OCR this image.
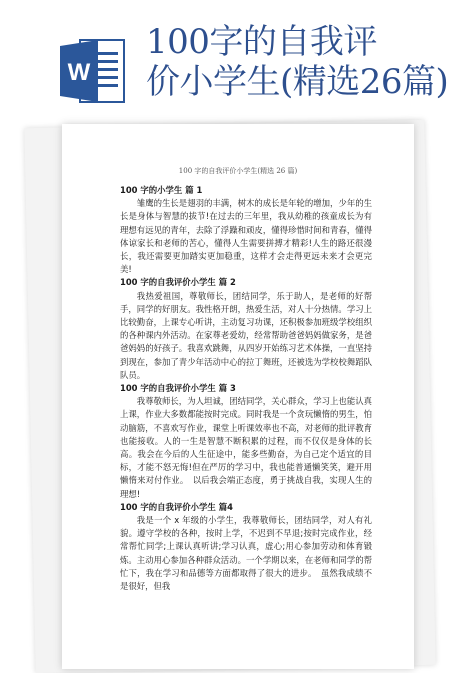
W
100字的自我评
价小学生(精选26篇)
100 字的自我评价小学生(精选 26 篇)

100 字的小学生 篇 1

雏鹰的生长是翅羽的丰满，树木的成长是年轮的增加，少年的生长是身体与智慧的拔节!在过去的三年里，我从幼稚的孩童成长为有理想有远见的青年，去除了浮躁和顽皮，懂得珍惜时间和青春，懂得体谅家长和老师的苦心，懂得人生需要拼搏才精彩!人生的路还很漫长，我还需要更加踏实更加稳重，这样才会走得更远未来才会更完美!

100 字的自我评价小学生 篇 2

我热爱祖国，尊敬师长，团结同学，乐于助人，是老师的好帮手，同学的好朋友。我性格开朗，热爱生活，对人十分热情。学习上比较勤奋，上课专心听讲，主动复习功课，还积极参加班级学校组织的各种课内外活动。在家尊老爱幼，经常帮助爸爸妈妈做家务，是爸爸妈妈的好孩子。我喜欢跳舞，从四岁开始练习艺术体操，一直坚持到现在，参加了青少年活动中心的拉丁舞班，还被选为学校校舞蹈队队员。

100 字的自我评价小学生 篇 3

我尊敬师长，为人坦诚，团结同学，关心群众，学习上也能认真上课，作业大多数都能按时完成。同时我是一个贪玩懒惰的男生，怕动脑筋，不喜欢写作业，课堂上听课效率也不高，对老师的批评教育也能接收。人的一生是智慧不断积累的过程，而不仅仅是身体的长高。我会在今后的人生征途中，能多些勤奋，为自己定个适宜的目标，才能不怒无悔!但在严厉的学习中，我也能普通懒笑笑，避开用懒惰来对付作业。　以后我会端正态度，勇于挑战自我，实现人生的理想!

100 字的自我评价小学生 篇4

我是一个 x 年级的小学生，我尊敬师长，团结同学，对人有礼貌。遵守学校的各种，按时上学，不迟到不早退;按时完成作业，经常帮忙同学;上课认真听讲;学习认真，虚心;用心参加劳动和体育锻炼。主动用心参加各种群众活动。一个学期以来，在老师和同学的帮忙下，我在学习和品德等方面都取得了很大的进步。　虽然我成绩不是很好，但我
